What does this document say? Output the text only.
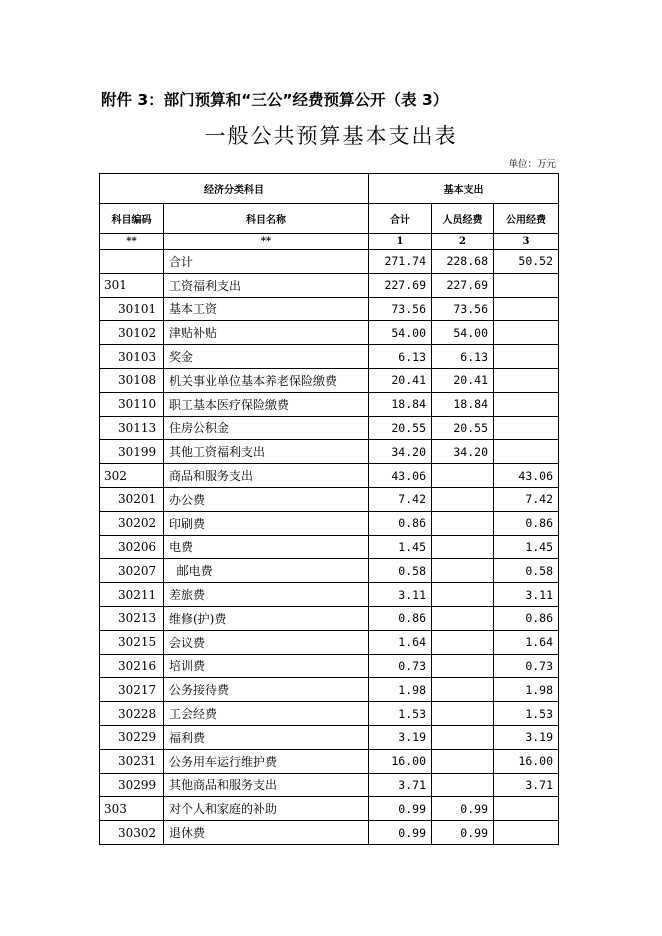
附件 3：部门预算和“三公”经费预算公开（表 3）
一般公共预算基本支出表
单位：万元
经济分类科目		基本支出		
科目编码	科目名称	合计	人员经费	公用经费
**	**	1	2	3
	合计	271.74	228.68	50.52
301	工资福利支出	227.69	227.69	
30101	基本工资	73.56	73.56	
30102	津贴补贴	54.00	54.00	
30103	奖金	6.13	6.13	
30108	机关事业单位基本养老保险缴费	20.41	20.41	
30110	职工基本医疗保险缴费	18.84	18.84	
30113	住房公积金	20.55	20.55	
30199	其他工资福利支出	34.20	34.20	
302	商品和服务支出	43.06		43.06
30201	办公费	7.42		7.42
30202	印刷费	0.86		0.86
30206	电费	1.45		1.45
30207	邮电费	0.58		0.58
30211	差旅费	3.11		3.11
30213	维修(护)费	0.86		0.86
30215	会议费	1.64		1.64
30216	培训费	0.73		0.73
30217	公务接待费	1.98		1.98
30228	工会经费	1.53		1.53
30229	福利费	3.19		3.19
30231	公务用车运行维护费	16.00		16.00
30299	其他商品和服务支出	3.71		3.71
303	对个人和家庭的补助	0.99	0.99	
30302	退休费	0.99	0.99	
